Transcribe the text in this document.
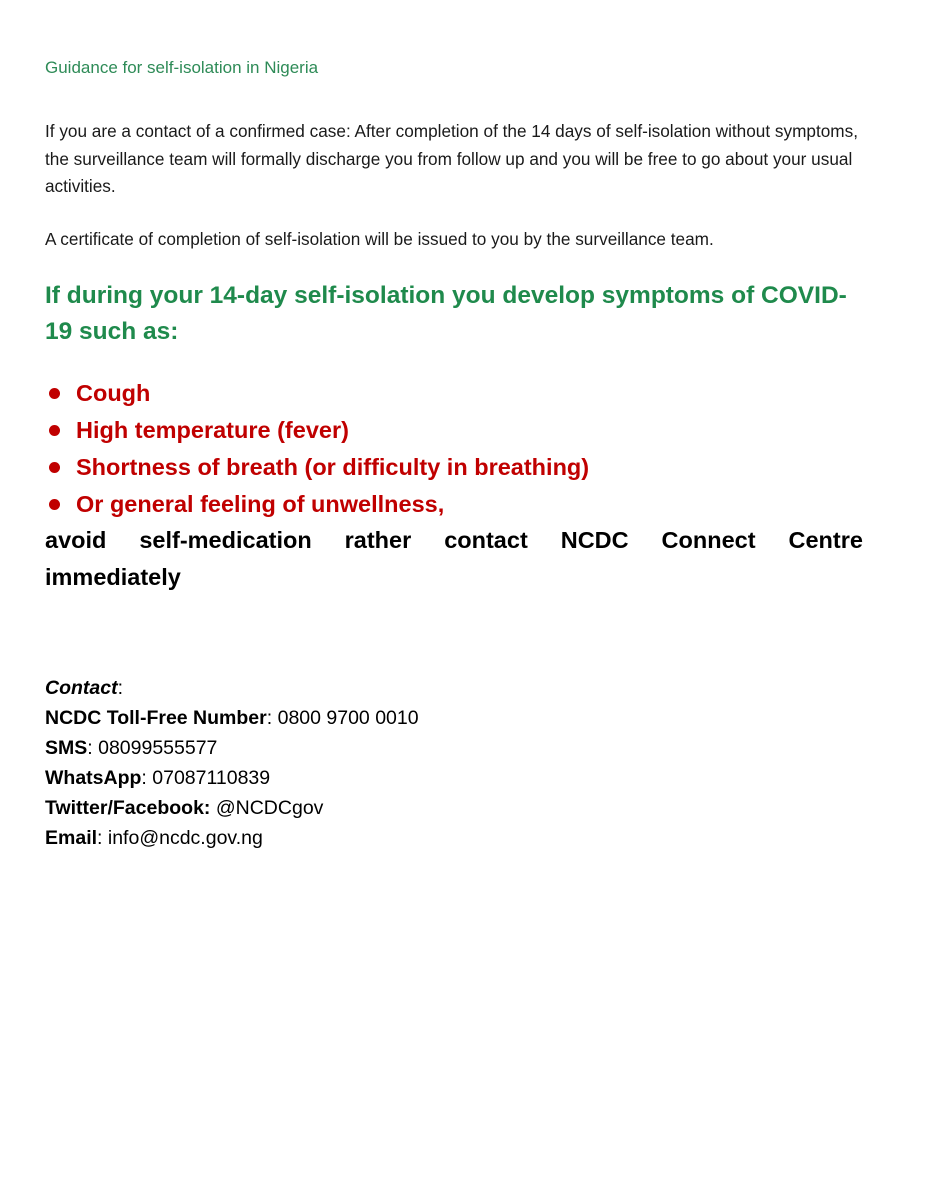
Guidance for self-isolation in Nigeria

If you are a contact of a confirmed case: After completion of the 14 days of self-isolation without symptoms, the surveillance team will formally discharge you from follow up and you will be free to go about your usual activities.

A certificate of completion of self-isolation will be issued to you by the surveillance team.

If during your 14-day self-isolation you develop symptoms of COVID-19 such as:
Cough
High temperature (fever)
Shortness of breath (or difficulty in breathing)
Or general feeling of unwellness,
avoid self-medication rather contact NCDC Connect Centre
immediately
Contact:
NCDC Toll-Free Number: 0800 9700 0010
SMS: 08099555577
WhatsApp: 07087110839
Twitter/Facebook: @NCDCgov
Email: info@ncdc.gov.ng
